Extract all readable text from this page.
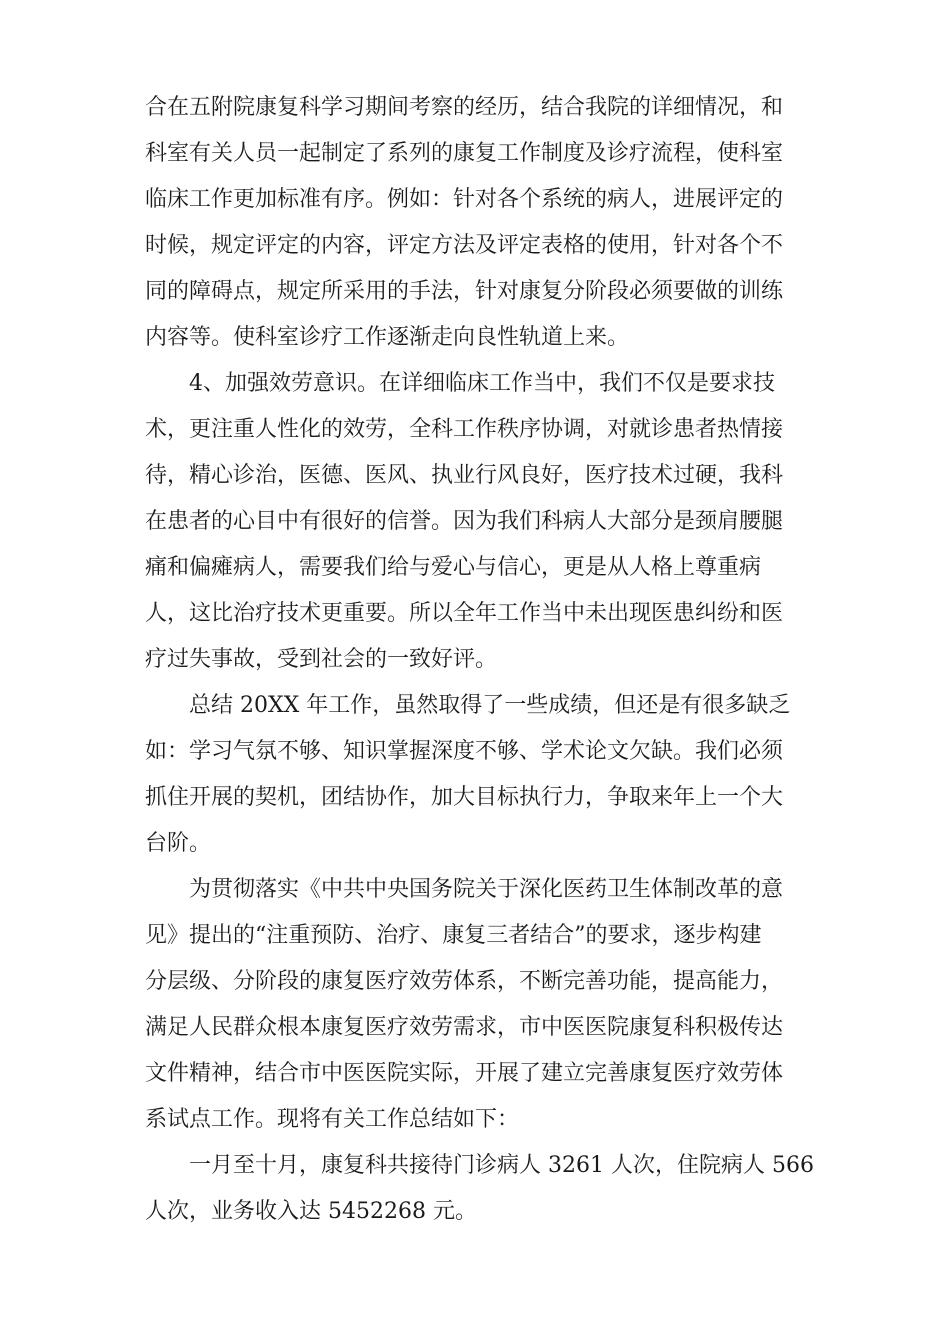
合在五附院康复科学习期间考察的经历，结合我院的详细情况，和
科室有关人员一起制定了系列的康复工作制度及诊疗流程，使科室
临床工作更加标准有序。例如：针对各个系统的病人，进展评定的
时候，规定评定的内容，评定方法及评定表格的使用，针对各个不
同的障碍点，规定所采用的手法，针对康复分阶段必须要做的训练
内容等。使科室诊疗工作逐渐走向良性轨道上来。
4、加强效劳意识。在详细临床工作当中，我们不仅是要求技
术，更注重人性化的效劳，全科工作秩序协调，对就诊患者热情接
待，精心诊治，医德、医风、执业行风良好，医疗技术过硬，我科
在患者的心目中有很好的信誉。因为我们科病人大部分是颈肩腰腿
痛和偏瘫病人，需要我们给与爱心与信心，更是从人格上尊重病
人，这比治疗技术更重要。所以全年工作当中未出现医患纠纷和医
疗过失事故，受到社会的一致好评。
总结 20XX 年工作，虽然取得了一些成绩，但还是有很多缺乏
如：学习气氛不够、知识掌握深度不够、学术论文欠缺。我们必须
抓住开展的契机，团结协作，加大目标执行力，争取来年上一个大
台阶。
为贯彻落实《中共中央国务院关于深化医药卫生体制改革的意
见》提出的“注重预防、治疗、康复三者结合”的要求，逐步构建
分层级、分阶段的康复医疗效劳体系，不断完善功能，提高能力，
满足人民群众根本康复医疗效劳需求，市中医医院康复科积极传达
文件精神，结合市中医医院实际，开展了建立完善康复医疗效劳体
系试点工作。现将有关工作总结如下：
一月至十月，康复科共接待门诊病人 3261 人次，住院病人 566
人次，业务收入达 5452268 元。
